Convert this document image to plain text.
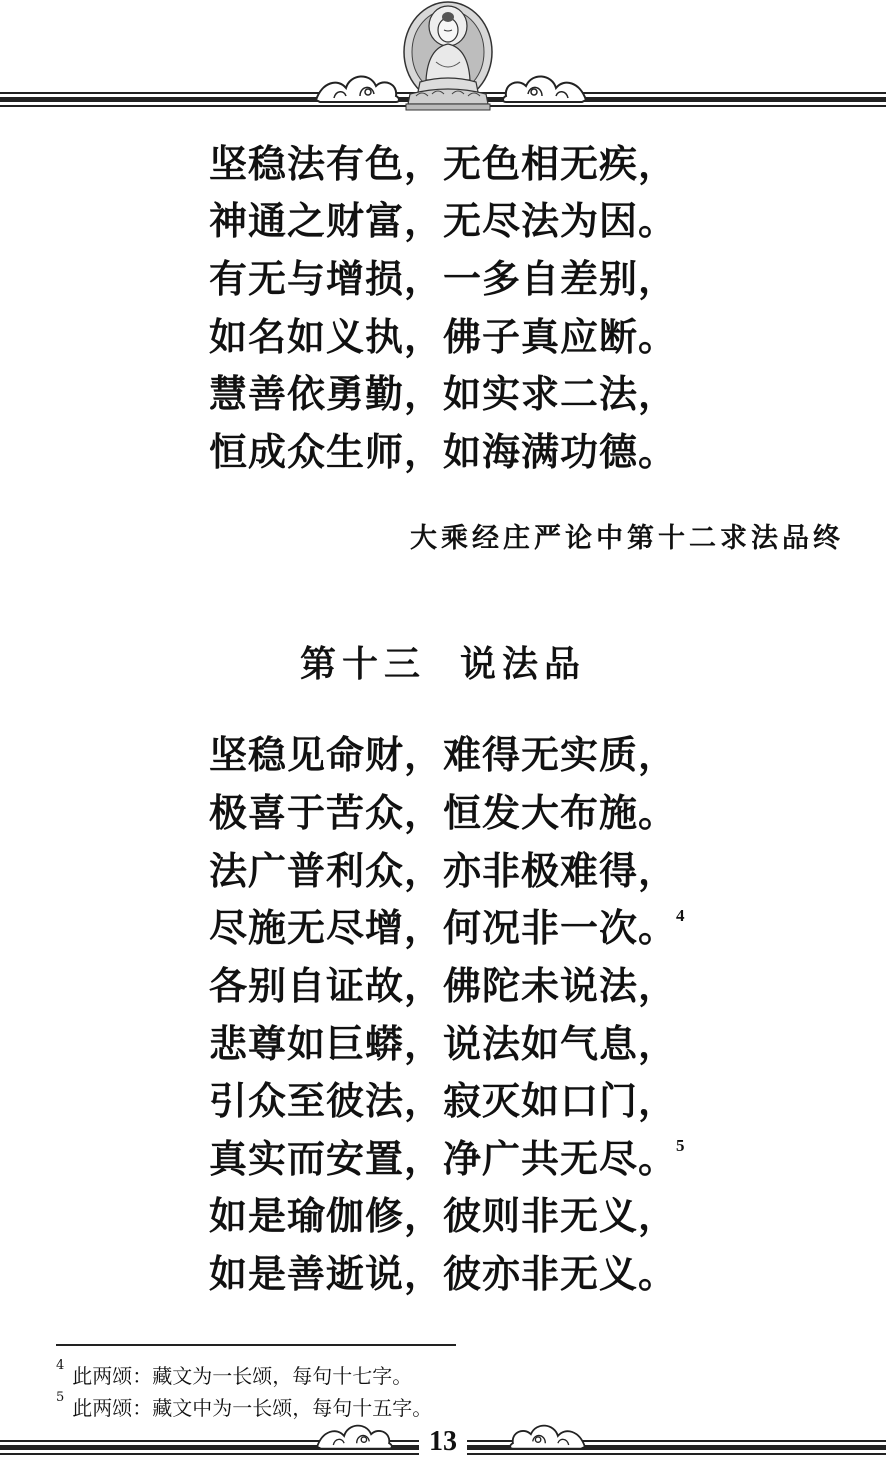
坚稳法有色，无色相无疾，
神通之财富，无尽法为因。
有无与增损，一多自差别，
如名如义执，佛子真应断。
慧善依勇勤，如实求二法，
恒成众生师，如海满功德。
大乘经庄严论中第十二求法品终
第十三 说法品
坚稳见命财，难得无实质，
极喜于苦众，恒发大布施。
法广普利众，亦非极难得，
尽施无尽增，何况非一次。 4
各别自证故，佛陀未说法，
悲尊如巨蟒，说法如气息，
引众至彼法，寂灭如口门，
真实而安置，净广共无尽。 5
如是瑜伽修，彼则非无义，
如是善逝说，彼亦非无义。
$^4$ 此两颂：藏文为一长颂，每句十七字。
$^5$ 此两颂：藏文中为一长颂，每句十五字。
13
